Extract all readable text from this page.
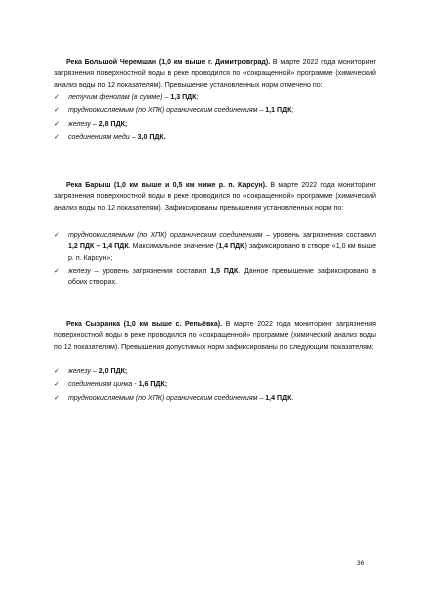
Река Большой Черемшан (1,0 км выше г. Димитровград). В марте 2022 года мониторинг загрязнения поверхностной воды в реке проводился по «сокращенной» программе (химический анализ воды по 12 показателям). Превышение установленных норм отмечено по:

✓ летучим фенолам (в сумме) – 1,3 ПДК;
✓ трудноокисляемым (по ХПК) органическим соединениям – 1,1 ПДК;
✓ железу – 2,8 ПДК;
✓ соединениям меди – 3,0 ПДК.

Река Барыш (1,0 км выше и 0,5 км ниже р. п. Карсун). В марте 2022 года мониторинг загрязнения поверхностной воды в реке проводился по «сокращенной» программе (химический анализ воды по 12 показателям). Зафиксированы превышения установленных норм по:

✓ трудноокисляемым (по ХПК) органическим соединениям – уровень загрязнения составил 1,2 ПДК – 1,4 ПДК. Максимальное значение (1,4 ПДК) зафиксировано в створе «1,0 км выше р. п. Карсун»;
✓ железу – уровень загрязнения составил 1,5 ПДК. Данное превышение зафиксировано в обоих створах.

Река Сызранка (1,0 км выше с. Репьёвка). В марте 2022 года мониторинг загрязнения поверхностной воды в реке проводился по «сокращенной» программе (химический анализ воды по 12 показателям). Превышения допустимых норм зафиксированы по следующим показателям:

✓ железу – 2,0 ПДК;
✓ соединениям цинка - 1,6 ПДК;
✓ трудноокисляемым (по ХПК) органическим соединениям – 1,4 ПДК.
36
